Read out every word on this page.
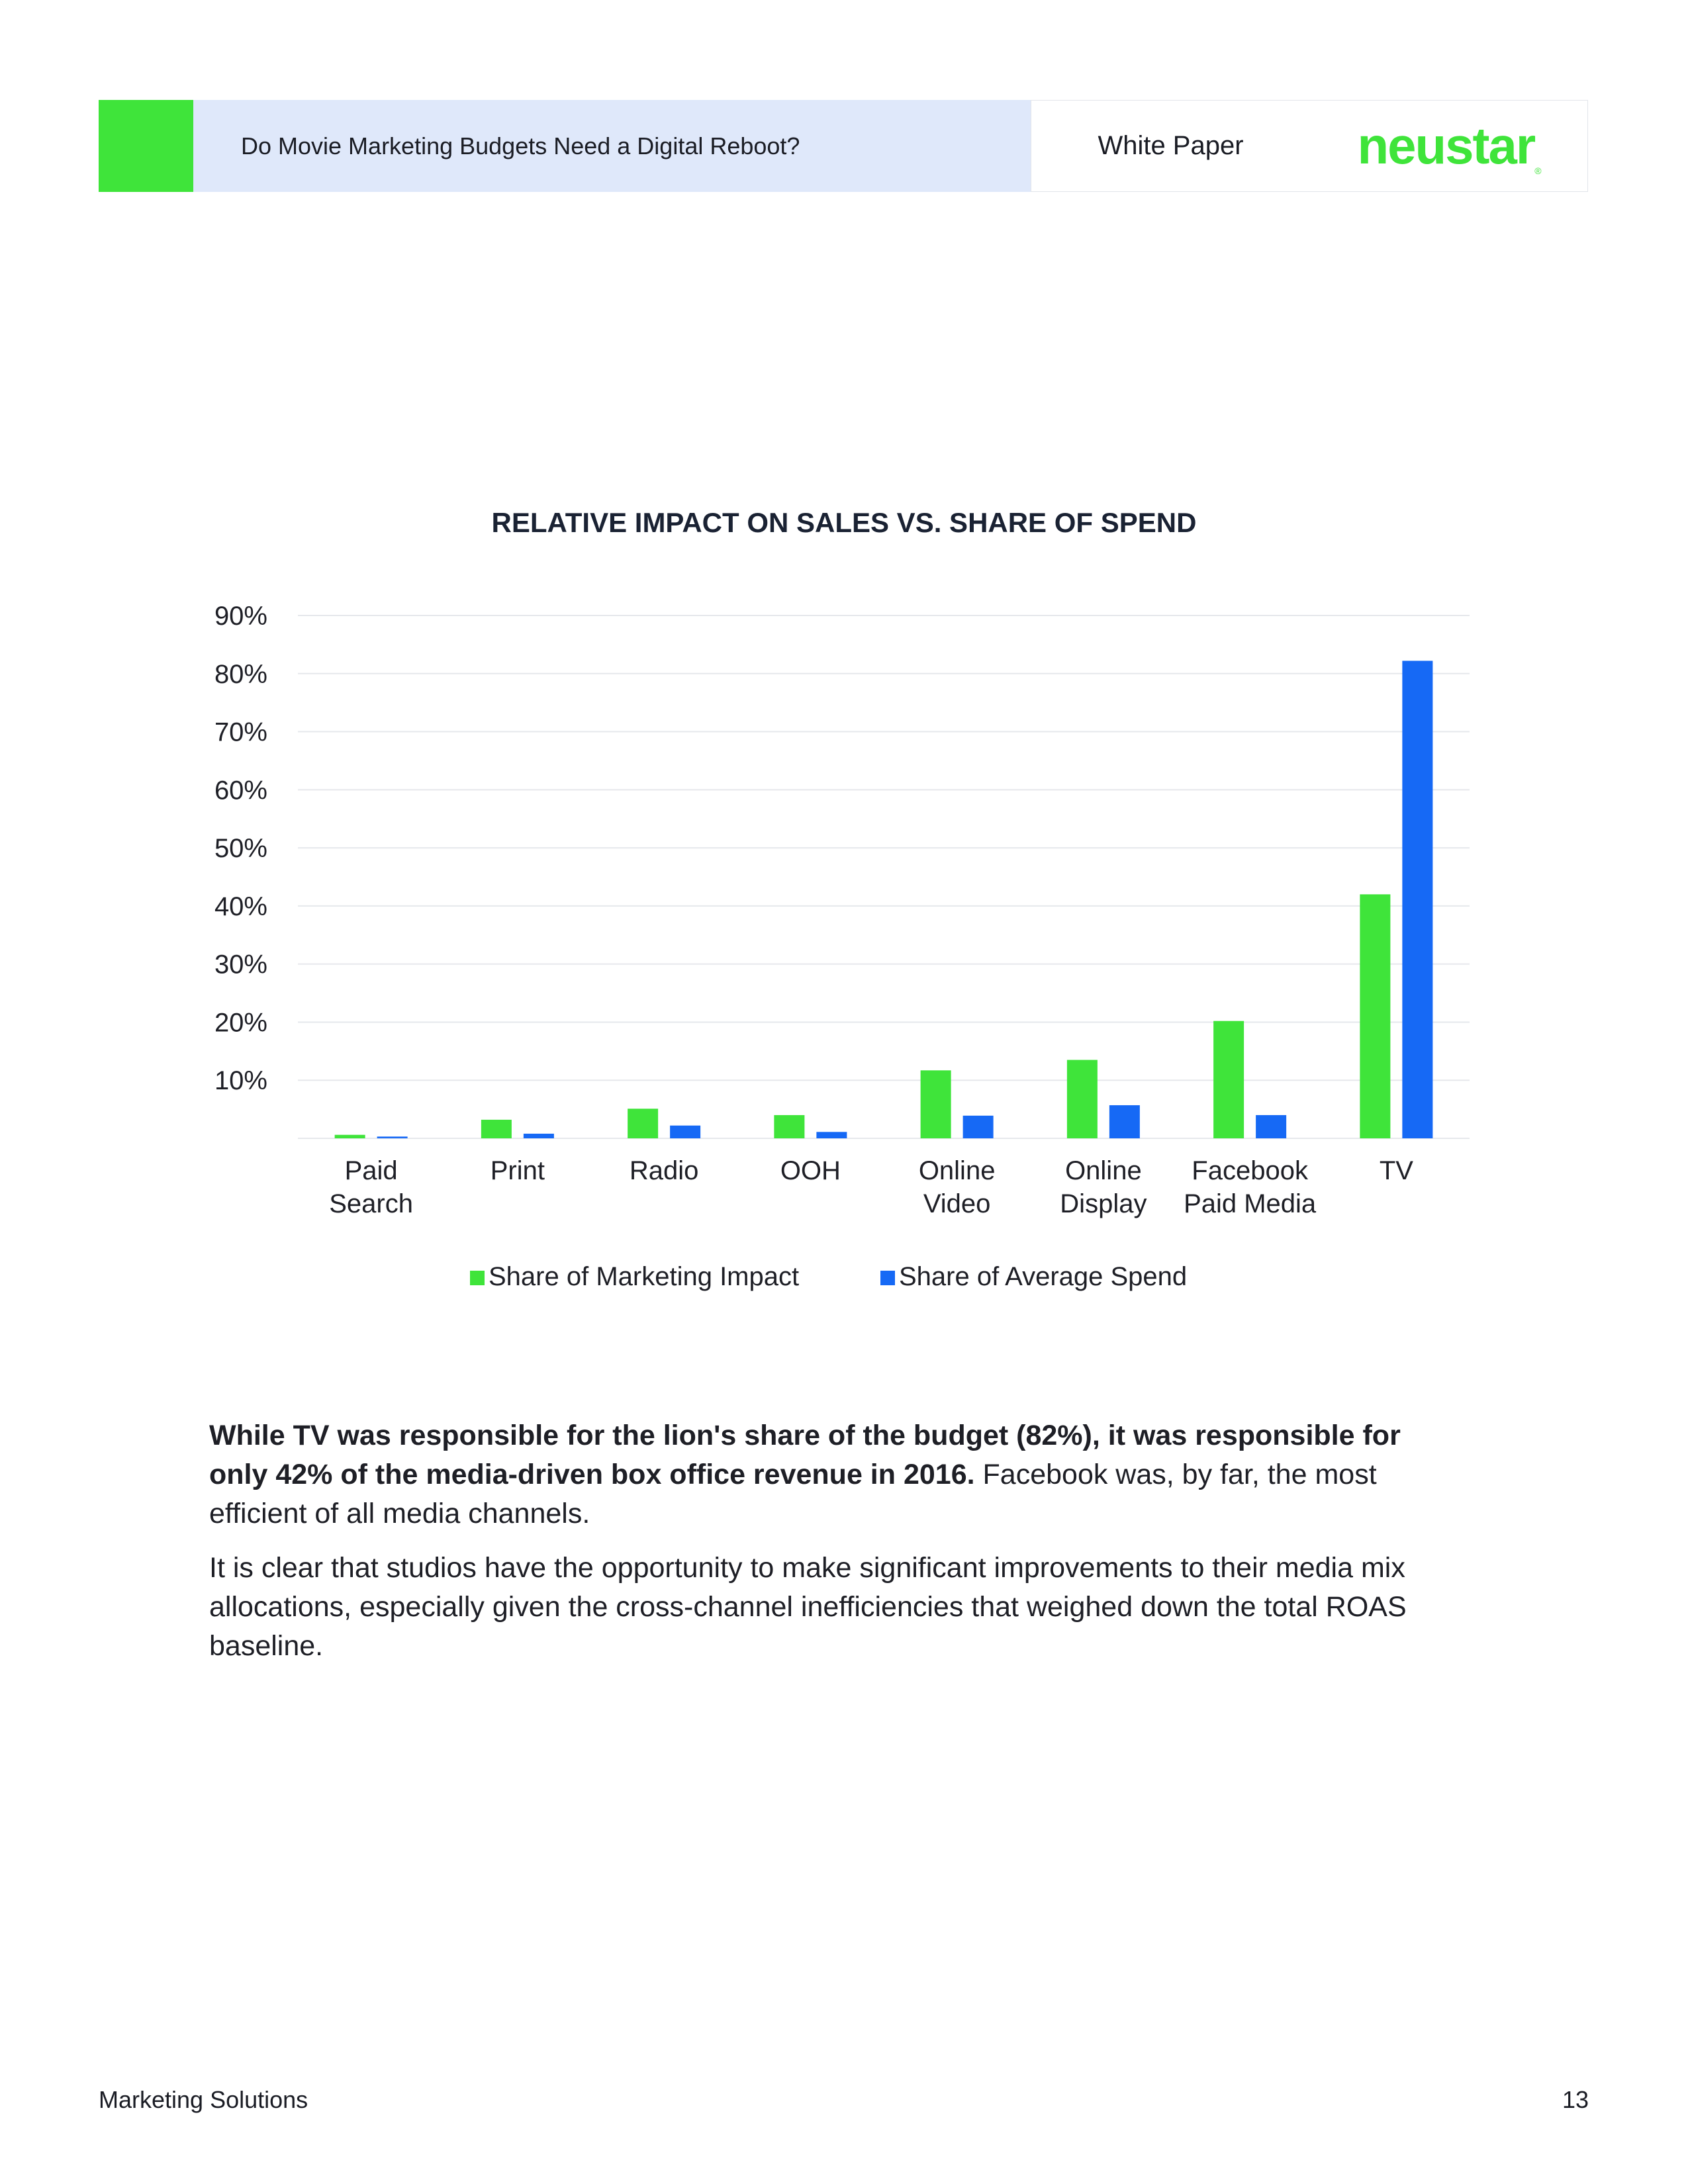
Do Movie Marketing Budgets Need a Digital Reboot?	White Paper neustar®
RELATIVE IMPACT ON SALES VS. SHARE OF SPEND
10%
20%
30%
40%
50%
60%
70%
80%
90%
Paid Search
Print	Radio	OOH	Online Video
Online Display
Facebook Paid Media
TV
Share of Marketing Impact	Share of Average Spend
While TV was responsible for the lion's share of the budget (82%), it was responsible for only 42% of the media-driven box office revenue in 2016. Facebook was, by far, the most efficient of all media channels.
It is clear that studios have the opportunity to make significant improvements to their media mix allocations, especially given the cross-channel inefficiencies that weighed down the total ROAS baseline.
Marketing Solutions	13
